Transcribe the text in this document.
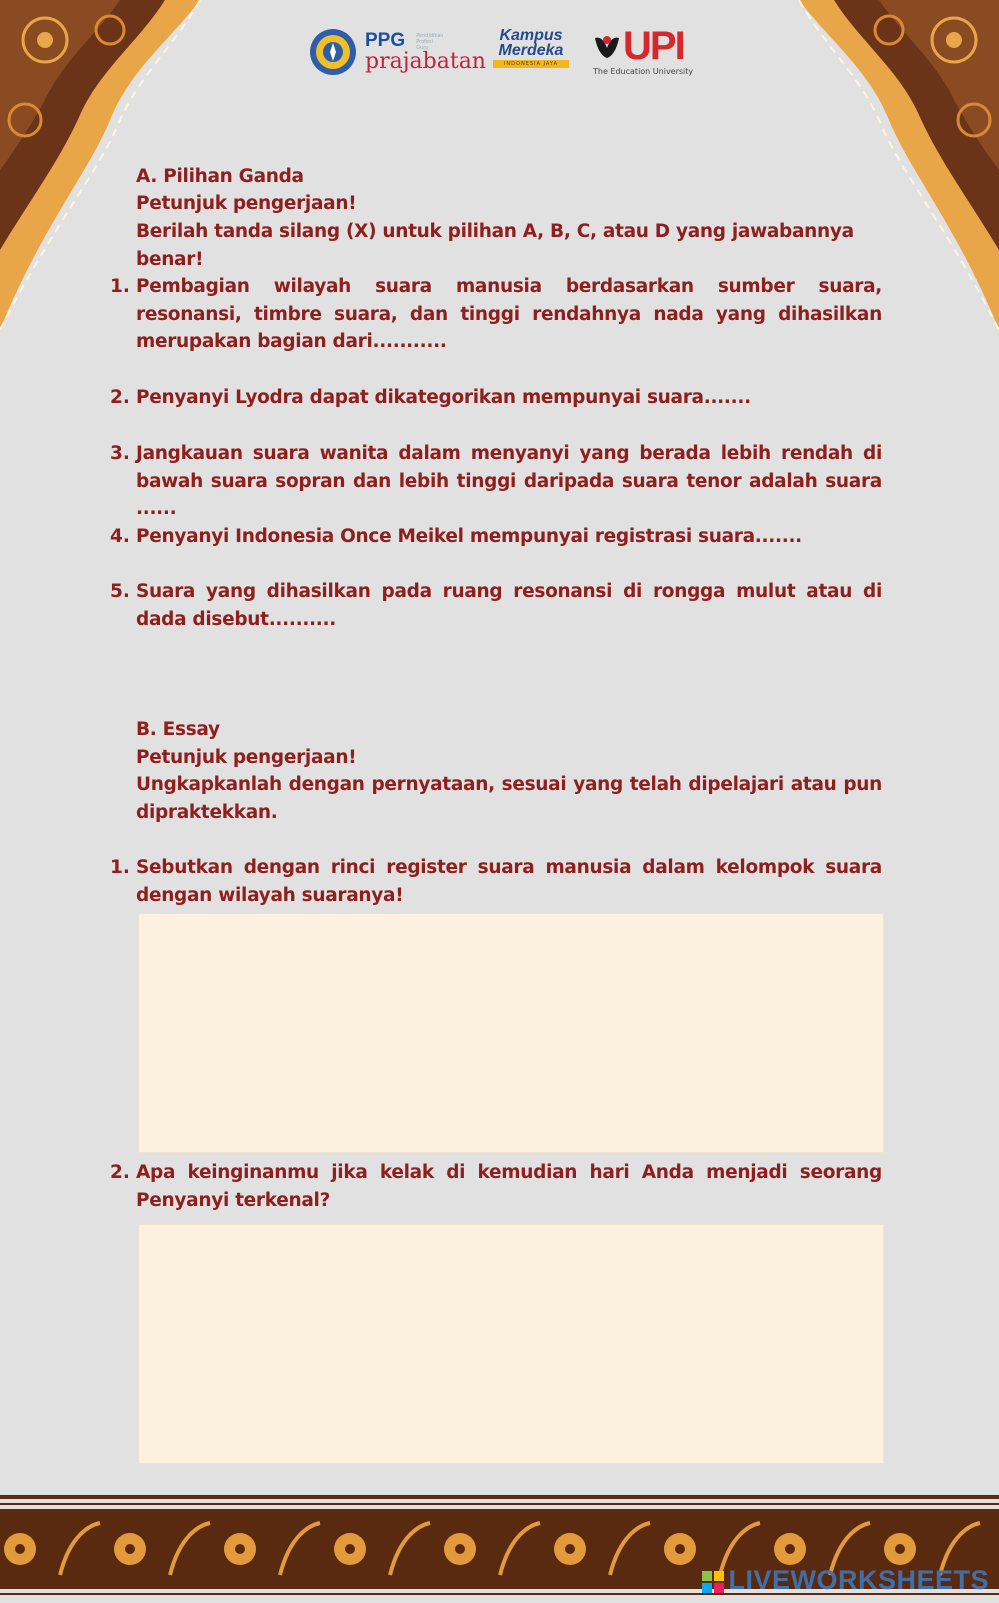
PPG Pendidikan Profesi Guru
prajabatan
Kampus
Merdeka
INDONESIA JAYA UPI
The Education University
A. Pilihan Ganda
Petunjuk pengerjaan!
Berilah tanda silang (X) untuk pilihan A, B, C, atau D yang jawabannya benar!
1. Pembagian wilayah suara manusia berdasarkan sumber suara, resonansi, timbre suara, dan tinggi rendahnya nada yang dihasilkan merupakan bagian dari...........
2. Penyanyi Lyodra dapat dikategorikan mempunyai suara.......
3. Jangkauan suara wanita dalam menyanyi yang berada lebih rendah di bawah suara sopran dan lebih tinggi daripada suara tenor adalah suara ......
4. Penyanyi Indonesia Once Meikel mempunyai registrasi suara.......
5. Suara yang dihasilkan pada ruang resonansi di rongga mulut atau di dada disebut..........
B. Essay
Petunjuk pengerjaan!
Ungkapkanlah dengan pernyataan, sesuai yang telah dipelajari atau pun dipraktekkan.
1. Sebutkan dengan rinci register suara manusia dalam kelompok suara dengan wilayah suaranya!
2. Apa keinginanmu jika kelak di kemudian hari Anda menjadi seorang Penyanyi terkenal?
LIVEWORKSHEETS
